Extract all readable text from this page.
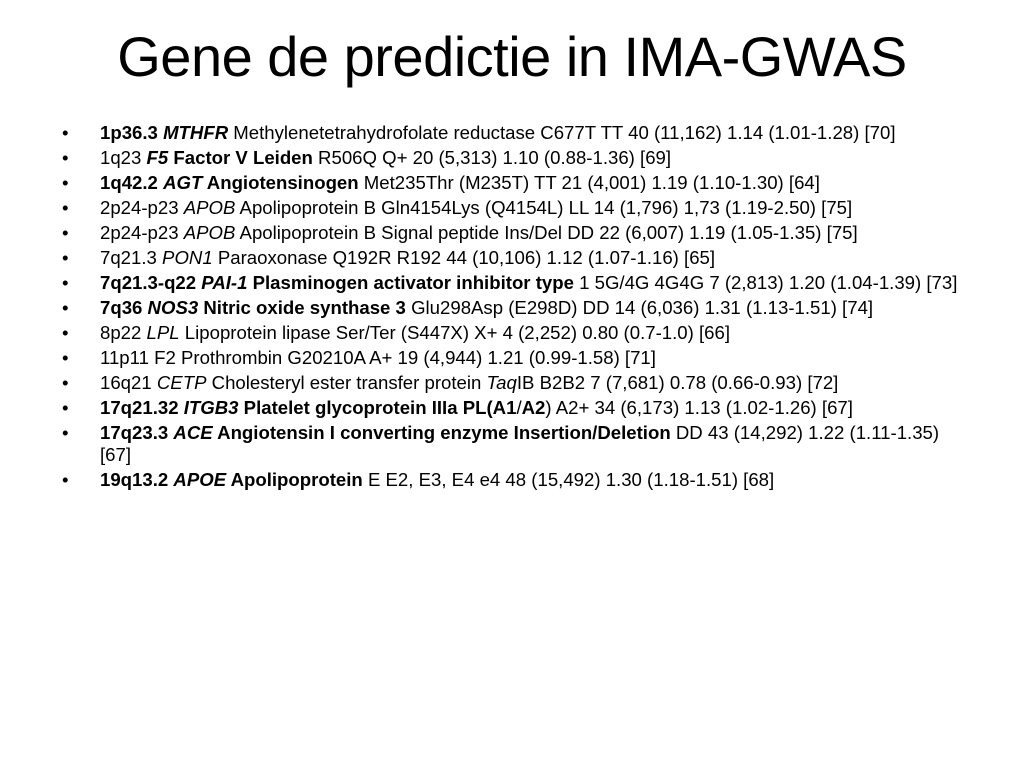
Gene de predictie in IMA-GWAS
•	1p36.3 MTHFR Methylenetetrahydrofolate reductase C677T TT 40 (11,162) 1.14 (1.01-1.28) [70]
•	1q23 F5 Factor V Leiden R506Q Q+ 20 (5,313) 1.10 (0.88-1.36) [69]
•	1q42.2 AGT Angiotensinogen Met235Thr (M235T) TT 21 (4,001) 1.19 (1.10-1.30) [64]
•	2p24-p23 APOB Apolipoprotein B Gln4154Lys (Q4154L) LL 14 (1,796) 1,73 (1.19-2.50) [75]
•	2p24-p23 APOB Apolipoprotein B Signal peptide Ins/Del DD 22 (6,007) 1.19 (1.05-1.35) [75]
•	7q21.3 PON1 Paraoxonase Q192R R192 44 (10,106) 1.12 (1.07-1.16) [65]
•	7q21.3-q22 PAI-1 Plasminogen activator inhibitor type 1 5G/4G 4G4G 7 (2,813) 1.20 (1.04-1.39) [73]
•	7q36 NOS3 Nitric oxide synthase 3 Glu298Asp (E298D) DD 14 (6,036) 1.31 (1.13-1.51) [74]
•	8p22 LPL Lipoprotein lipase Ser/Ter (S447X) X+ 4 (2,252) 0.80 (0.7-1.0) [66]
•	11p11 F2 Prothrombin G20210A A+ 19 (4,944) 1.21 (0.99-1.58) [71]
•	16q21 CETP Cholesteryl ester transfer protein TaqIB B2B2 7 (7,681) 0.78 (0.66-0.93) [72]
•	17q21.32 ITGB3 Platelet glycoprotein IIIa PL(A1/A2) A2+ 34 (6,173) 1.13 (1.02-1.26) [67]
•	17q23.3 ACE Angiotensin I converting enzyme Insertion/Deletion DD 43 (14,292) 1.22 (1.11-1.35) [67]
•	19q13.2 APOE Apolipoprotein E E2, E3, E4 e4 48 (15,492) 1.30 (1.18-1.51) [68]
